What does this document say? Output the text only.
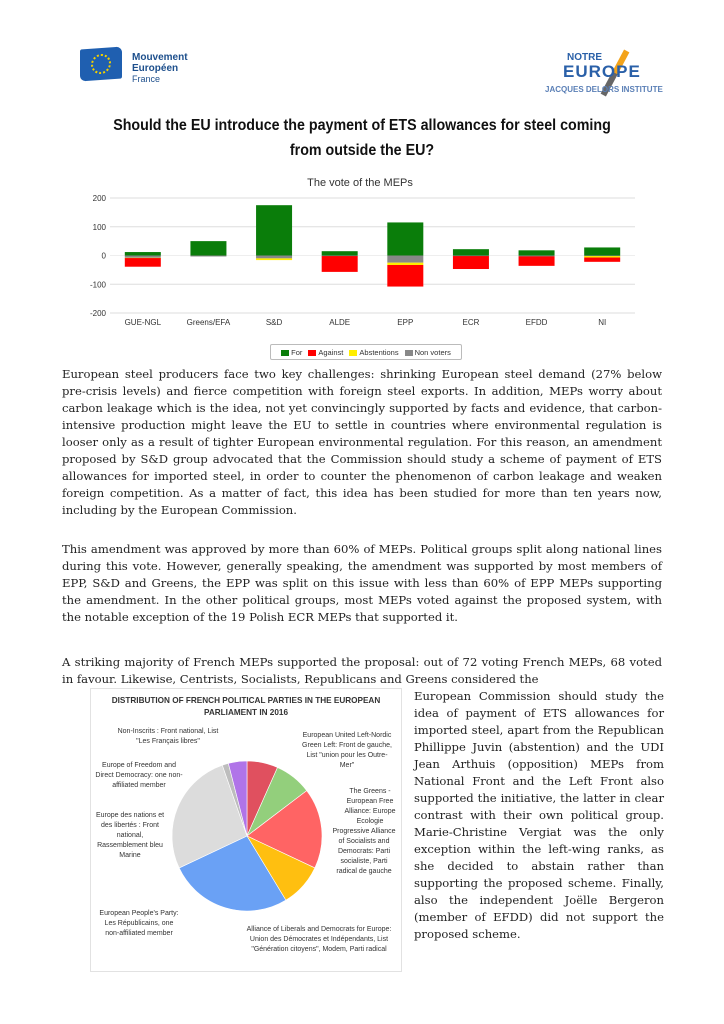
Mouvement
Européen
France
NOTRE
EUROPE
JACQUES DELORS INSTITUTE
Should the EU introduce the payment of ETS allowances for steel coming from outside the EU?
The vote of the MEPs
200
100
0
-100
-200
GUE-NGL	Greens/EFA	S&D	ALDE	EPP	ECR	EFDD	NI
For	Against	Abstentions	Non voters
European steel producers face two key challenges: shrinking European steel demand (27% below pre-crisis levels) and fierce competition with foreign steel exports. In addition, MEPs worry about carbon leakage which is the idea, not yet convincingly supported by facts and evidence, that carbon-intensive production might leave the EU to settle in countries where environmental regulation is looser only as a result of tighter European environmental regulation. For this reason, an amendment proposed by S&D group advocated that the Commission should study a scheme of payment of ETS allowances for imported steel, in order to counter the phenomenon of carbon leakage and weaken foreign competition. As a matter of fact, this idea has been studied for more than ten years now, including by the European Commission.
This amendment was approved by more than 60% of MEPs. Political groups split along national lines during this vote. However, generally speaking, the amendment was supported by most members of EPP, S&D and Greens, the EPP was split on this issue with less than 60% of EPP MEPs supporting the amendment. In the other political groups, most MEPs voted against the proposed system, with the notable exception of the 19 Polish ECR MEPs that supported it.
A striking majority of French MEPs supported the proposal: out of 72 voting French MEPs, 68 voted in favour. Likewise, Centrists, Socialists, Republicans and Greens considered the
DISTRIBUTION OF FRENCH POLITICAL PARTIES IN THE EUROPEAN PARLIAMENT IN 2016
Non-Inscrits : Front national, List "Les Français libres"
European United Left-Nordic Green Left: Front de gauche, List "union pour les Outre-Mer"
Europe of Freedom and Direct Democracy: one non-affiliated member
The Greens - European Free Alliance: Europe Ecologie
Europe des nations et des libertés : Front national, Rassemblement bleu Marine
Progressive Alliance of Socialists and Democrats: Parti socialiste, Parti radical de gauche
European People's Party: Les Républicains, one non-affiliated member
Alliance of Liberals and Democrats for Europe: Union des Démocrates et Indépendants, List "Génération citoyens", Modem, Parti radical
European Commission should study the idea of payment of ETS allowances for imported steel, apart from the Republican Phillippe Juvin (abstention) and the UDI Jean Arthuis (opposition) MEPs from National Front and the Left Front also supported the initiative, the latter in clear contrast with their own political group. Marie-Christine Vergiat was the only exception within the left-wing ranks, as she decided to abstain rather than supporting the proposed scheme. Finally, also the independent Joëlle Bergeron (member of EFDD) did not support the proposed scheme.
